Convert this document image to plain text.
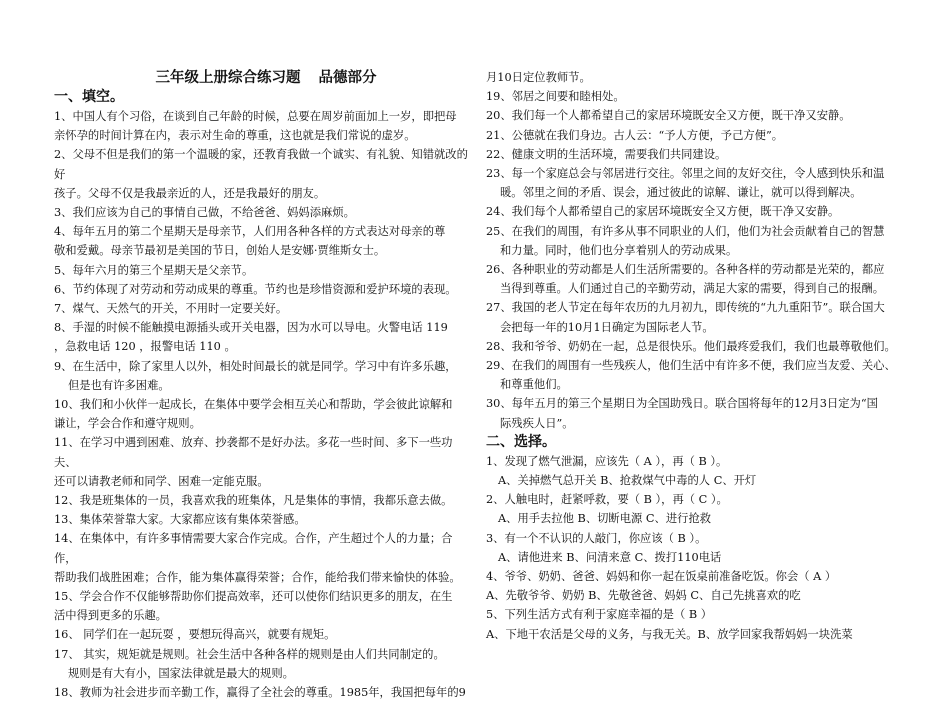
三年级上册综合练习题 品德部分
一、填空。
1、中国人有个习俗，在谈到自己年龄的时候，总要在周岁前面加上一岁，即把母
亲怀孕的时间计算在内，表示对生命的尊重，这也就是我们常说的虚岁。
2、父母不但是我们的第一个温暖的家，还教育我做一个诚实、有礼貌、知错就改的好
孩子。父母不仅是我最亲近的人，还是我最好的朋友。
3、我们应该为自己的事情自己做，不给爸爸、妈妈添麻烦。
4、每年五月的第二个星期天是母亲节，人们用各种各样的方式表达对母亲的尊
敬和爱戴。母亲节最初是美国的节日，创始人是安娜·贾维斯女士。
5、每年六月的第三个星期天是父亲节。
6、节约体现了对劳动和劳动成果的尊重。节约也是珍惜资源和爱护环境的表现。
7、煤气、天然气的开关，不用时一定要关好。
8、手湿的时候不能触摸电源插头或开关电器，因为水可以导电。火警电话 119
，急救电话 120 ，报警电话 110 。
9、在生活中，除了家里人以外，相处时间最长的就是同学。学习中有许多乐趣，
但是也有许多困难。
10、我们和小伙伴一起成长，在集体中要学会相互关心和帮助，学会彼此谅解和
谦让，学会合作和遵守规则。
11、在学习中遇到困难、放弃、抄袭都不是好办法。多花一些时间、多下一些功夫、
还可以请教老师和同学、困难一定能克服。
12、我是班集体的一员，我喜欢我的班集体，凡是集体的事情，我都乐意去做。
13、集体荣誉靠大家。大家都应该有集体荣誉感。
14、在集体中，有许多事情需要大家合作完成。合作，产生超过个人的力量；合作，
帮助我们战胜困难；合作，能为集体赢得荣誉；合作，能给我们带来愉快的体验。
15、学会合作不仅能够帮助你们提高效率，还可以使你们结识更多的朋友，在生
活中得到更多的乐趣。
16、 同学们在一起玩耍 ，要想玩得高兴，就要有规矩。
17、 其实，规矩就是规则。社会生活中各种各样的规则是由人们共同制定的。
规则是有大有小，国家法律就是最大的规则。
18、教师为社会进步而辛勤工作，赢得了全社会的尊重。1985年，我国把每年的9
月10日定位教师节。
19、邻居之间要和睦相处。
20、我们每一个人都希望自己的家居环境既安全又方便，既干净又安静。
21、公德就在我们身边。古人云：“予人方便，予己方便”。
22、健康文明的生活环境，需要我们共同建设。
23、每一个家庭总会与邻居进行交往。邻里之间的友好交往，令人感到快乐和温
暖。邻里之间的矛盾、误会，通过彼此的谅解、谦让，就可以得到解决。
24、我们每个人都希望自己的家居环境既安全又方便，既干净又安静。
25、在我们的周围，有许多从事不同职业的人们，他们为社会贡献着自己的智慧
和力量。同时，他们也分享着别人的劳动成果。
26、各种职业的劳动都是人们生活所需要的。各种各样的劳动都是光荣的，都应
当得到尊重。人们通过自己的辛勤劳动，满足大家的需要，得到自己的报酬。
27、我国的老人节定在每年农历的九月初九，即传统的“九九重阳节”。联合国大
会把每一年的10月1日确定为国际老人节。
28、我和爷爷、奶奶在一起，总是很快乐。他们最疼爱我们，我们也最尊敬他们。
29、在我们的周围有一些残疾人，他们生活中有许多不便，我们应当友爱、关心、
和尊重他们。
30、每年五月的第三个星期日为全国助残日。联合国将每年的12月3日定为“国
际残疾人日”。
二、选择。
1、发现了燃气泄漏，应该先（ A ），再（ B ）。
A、关掉燃气总开关 B、抢救煤气中毒的人 C、开灯
2、人触电时，赶紧呼救，要（ B ），再（ C ）。
A、用手去拉他 B、切断电源 C、进行抢救
3、有一个不认识的人敲门，你应该（ B ）。
A、请他进来 B、问清来意 C、拨打110电话
4、爷爷、奶奶、爸爸、妈妈和你一起在饭桌前准备吃饭。你会（ A ）
A、先敬爷爷、奶奶 B、先敬爸爸、妈妈 C、自己先挑喜欢的吃
5、下列生活方式有利于家庭幸福的是（ B ）
A、下地干农活是父母的义务，与我无关。B、放学回家我帮妈妈一块洗菜
